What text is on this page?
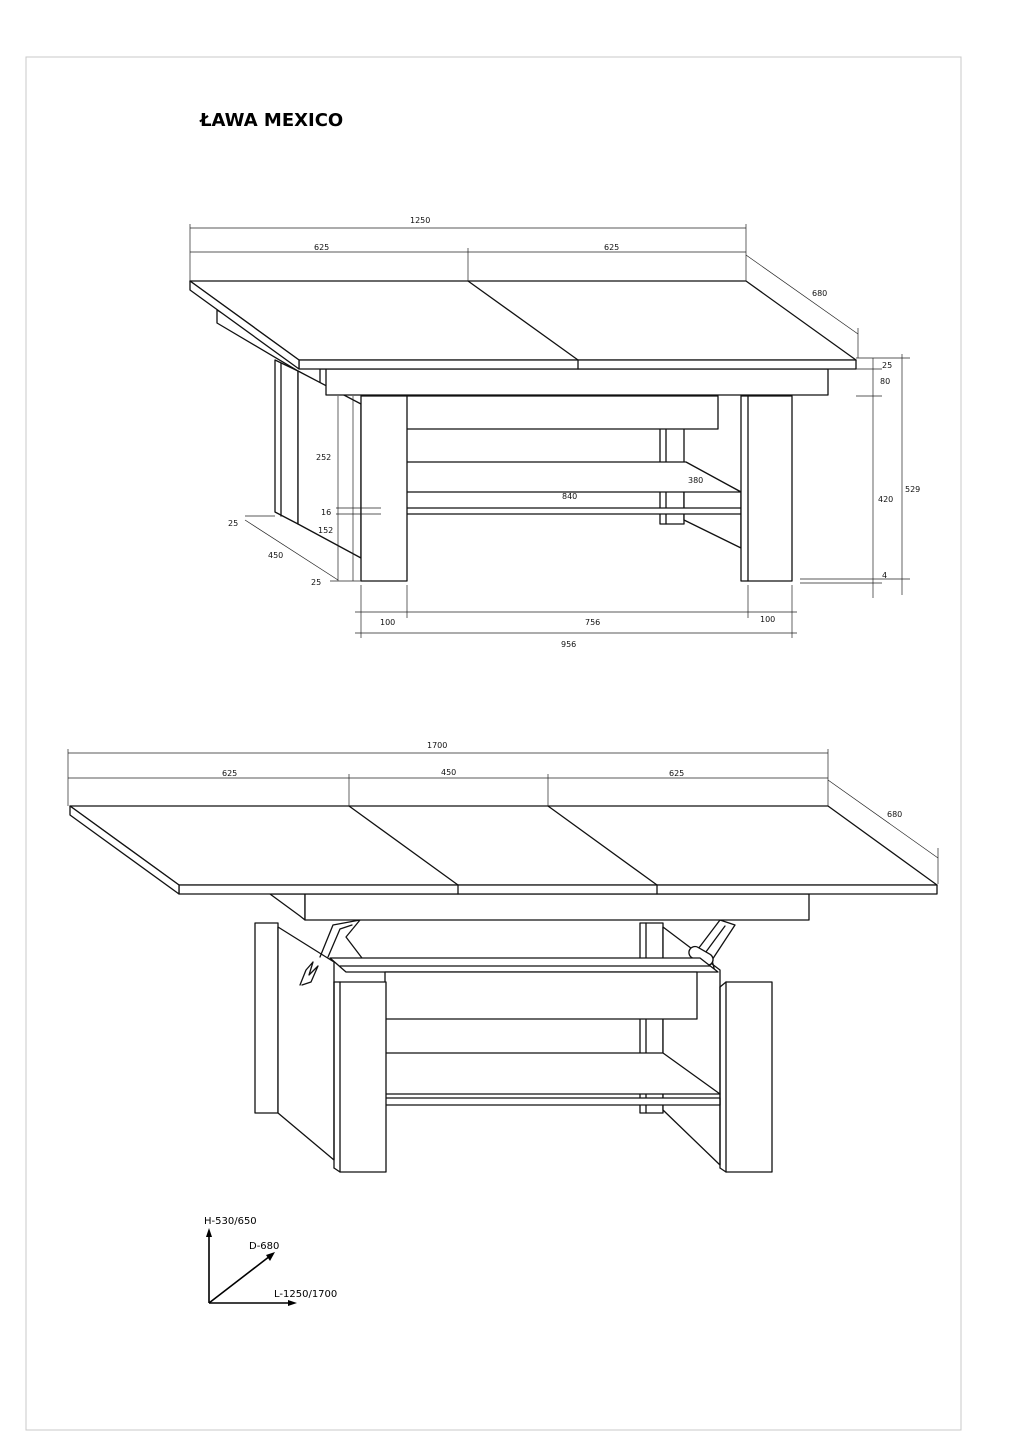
ŁAWA MEXICO
1250
625	625
680
25
80
529
420
4
252
16
152
380
840
25
450
25
100	756	100
956
1700
625	450	625
680
H-530/650
D-680
L-1250/1700
